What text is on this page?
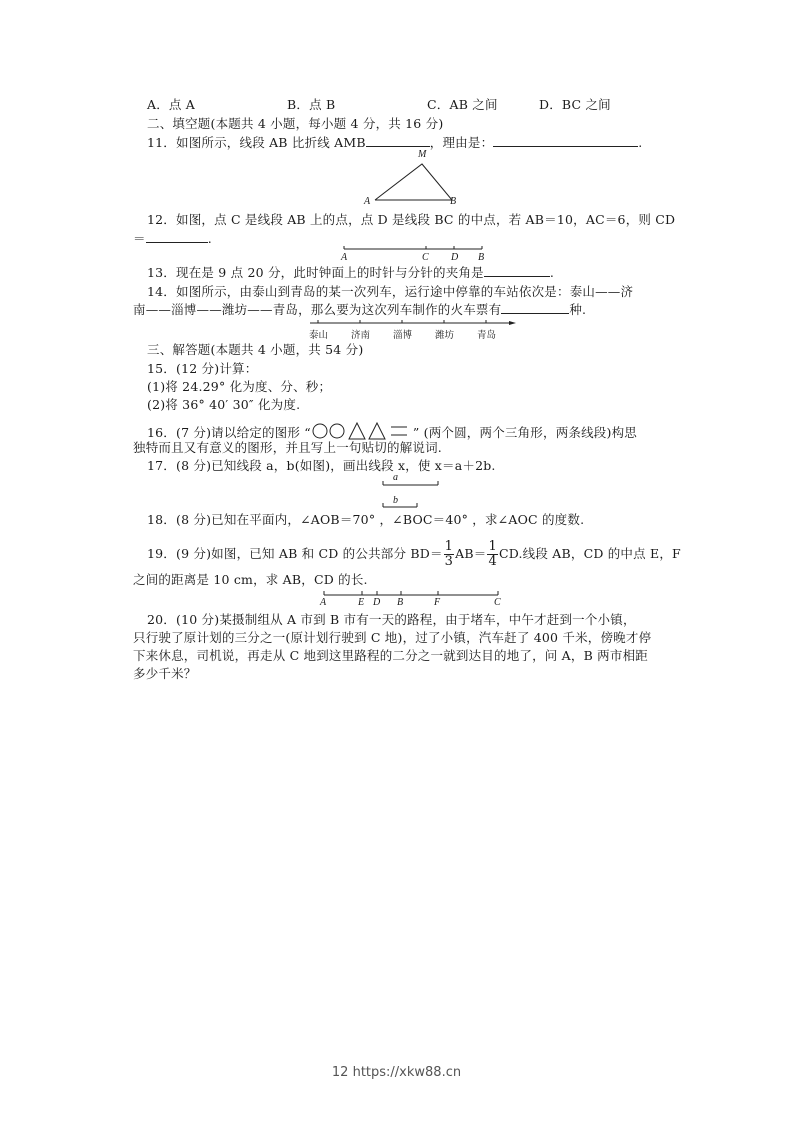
A．点 A	B．点 B	C．AB 之间	D．BC 之间
二、填空题(本题共 4 小题，每小题 4 分，共 16 分)
11．如图所示，线段 AB 比折线 AMB	，理由是：	.
M
A	B
12．如图，点 C 是线段 AB 上的点，点 D 是线段 BC 的中点，若 AB＝10，AC＝6，则 CD
＝	.
A	C D B
13．现在是 9 点 20 分，此时钟面上的时针与分针的夹角是	.
14．如图所示，由泰山到青岛的某一次列车，运行途中停靠的车站依次是：泰山——济
南——淄博——潍坊——青岛，那么要为这次列车制作的火车票有	种.
泰山 济南 淄博 潍坊 青岛
三、解答题(本题共 4 小题，共 54 分)
15．(12 分)计算：
(1)将 24.29° 化为度、分、秒；
(2)将 36° 40′ 30″ 化为度.
16．(7 分)请以给定的图形 “	” (两个圆，两个三角形，两条线段)构思
独特而且又有意义的图形，并且写上一句贴切的解说词.
17．(8 分)已知线段 a，b(如图)，画出线段 x，使 x＝a＋2b.
a
b
18．(8 分)已知在平面内，∠AOB＝70° ，∠BOC＝40° ，求∠AOC 的度数.
19．(9 分)如图，已知 AB 和 CD 的公共部分 $BD= \frac{1}{3} AB= \frac{1}{4}$ CD.线段 AB，CD 的中点 E，F
之间的距离是 10 cm，求 AB，CD 的长.
A	E D B	F	C
20．(10 分)某摄制组从 A 市到 B 市有一天的路程，由于堵车，中午才赶到一个小镇，
只行驶了原计划的三分之一(原计划行驶到 C 地)，过了小镇，汽车赶了 400 千米，傍晚才停
下来休息，司机说，再走从 C 地到这里路程的二分之一就到达目的地了，问 A，B 两市相距
多少千米？
12 https://xkw88.cn
